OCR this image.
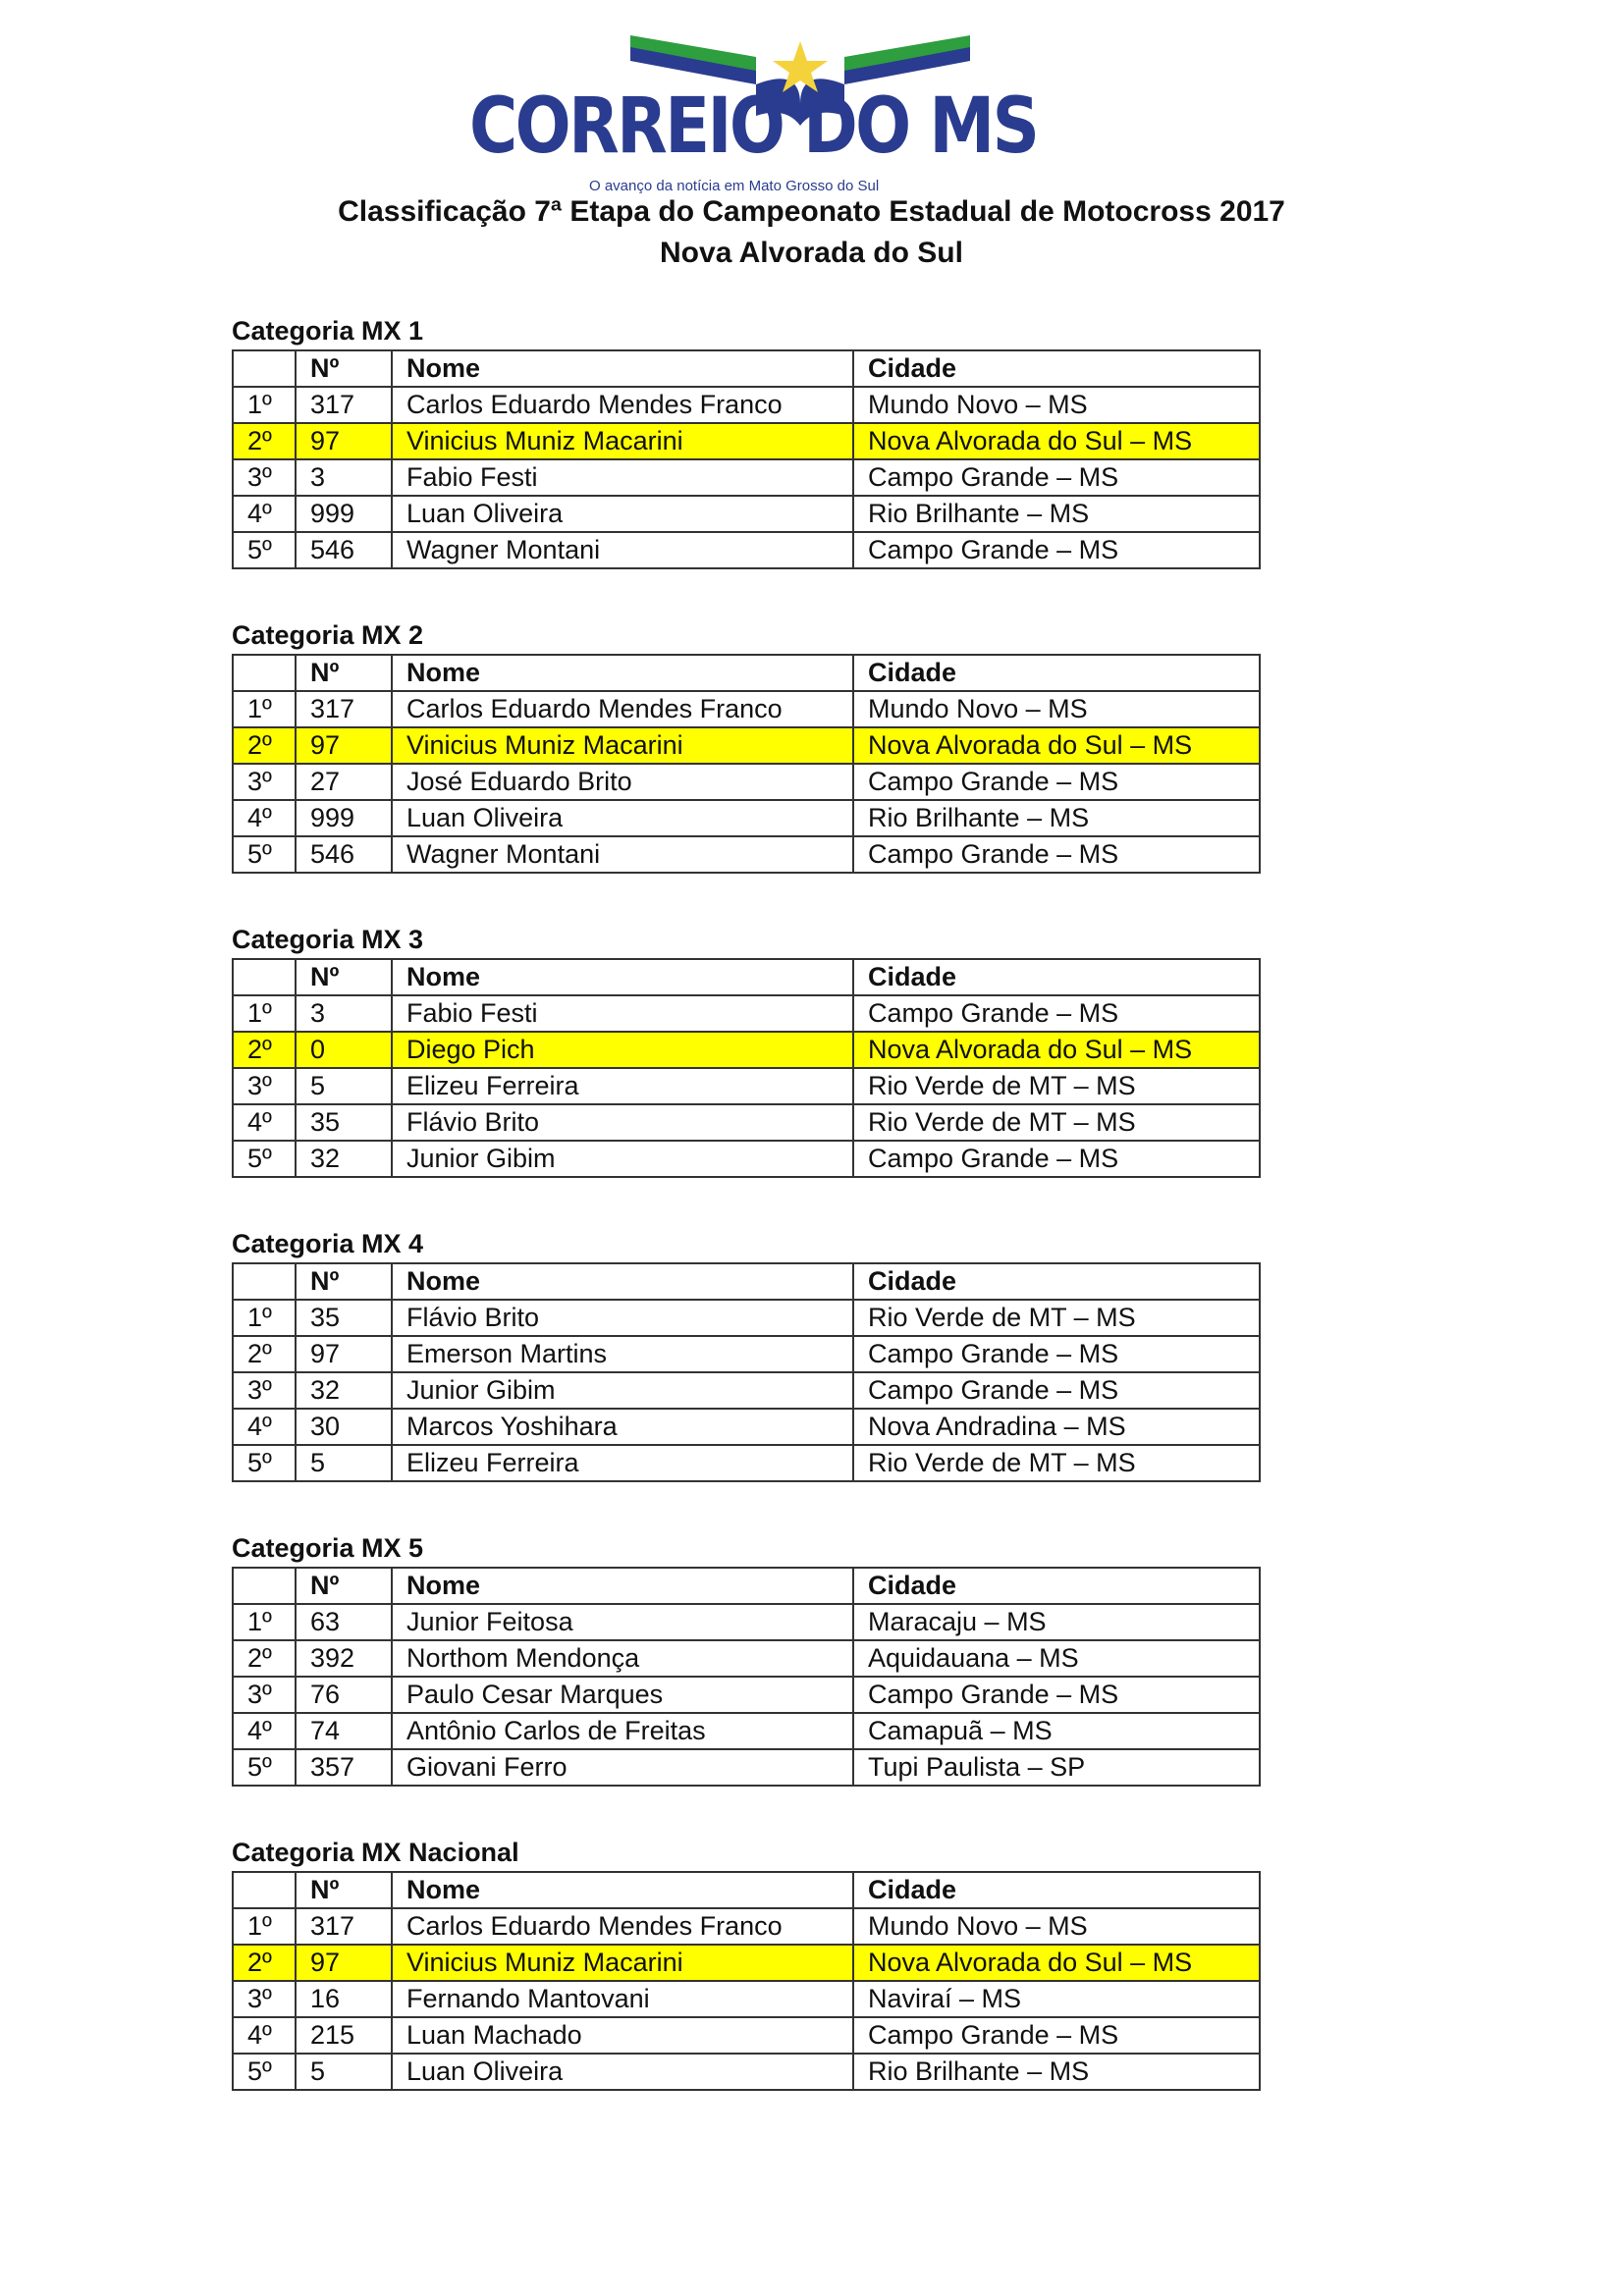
CORREIO DO MS
O avanço da notícia em Mato Grosso do Sul
Classificação 7ª Etapa do Campeonato Estadual de Motocross 2017
Nova Alvorada do Sul
Categoria MX 1
	Nº	Nome	Cidade
1º	317	Carlos Eduardo Mendes Franco	Mundo Novo – MS
2º	97	Vinicius Muniz Macarini	Nova Alvorada do Sul – MS
3º	3	Fabio Festi	Campo Grande – MS
4º	999	Luan Oliveira	Rio Brilhante – MS
5º	546	Wagner Montani	Campo Grande – MS
Categoria MX 2
	Nº	Nome	Cidade
1º	317	Carlos Eduardo Mendes Franco	Mundo Novo – MS
2º	97	Vinicius Muniz Macarini	Nova Alvorada do Sul – MS
3º	27	José Eduardo Brito	Campo Grande – MS
4º	999	Luan Oliveira	Rio Brilhante – MS
5º	546	Wagner Montani	Campo Grande – MS
Categoria MX 3
	Nº	Nome	Cidade
1º	3	Fabio Festi	Campo Grande – MS
2º	0	Diego Pich	Nova Alvorada do Sul – MS
3º	5	Elizeu Ferreira	Rio Verde de MT – MS
4º	35	Flávio Brito	Rio Verde de MT – MS
5º	32	Junior Gibim	Campo Grande – MS
Categoria MX 4
	Nº	Nome	Cidade
1º	35	Flávio Brito	Rio Verde de MT – MS
2º	97	Emerson Martins	Campo Grande – MS
3º	32	Junior Gibim	Campo Grande – MS
4º	30	Marcos Yoshihara	Nova Andradina – MS
5º	5	Elizeu Ferreira	Rio Verde de MT – MS
Categoria MX 5
	Nº	Nome	Cidade
1º	63	Junior Feitosa	Maracaju – MS
2º	392	Northom Mendonça	Aquidauana – MS
3º	76	Paulo Cesar Marques	Campo Grande – MS
4º	74	Antônio Carlos de Freitas	Camapuã – MS
5º	357	Giovani Ferro	Tupi Paulista – SP
Categoria MX Nacional
	Nº	Nome	Cidade
1º	317	Carlos Eduardo Mendes Franco	Mundo Novo – MS
2º	97	Vinicius Muniz Macarini	Nova Alvorada do Sul – MS
3º	16	Fernando Mantovani	Naviraí – MS
4º	215	Luan Machado	Campo Grande – MS
5º	5	Luan Oliveira	Rio Brilhante – MS
